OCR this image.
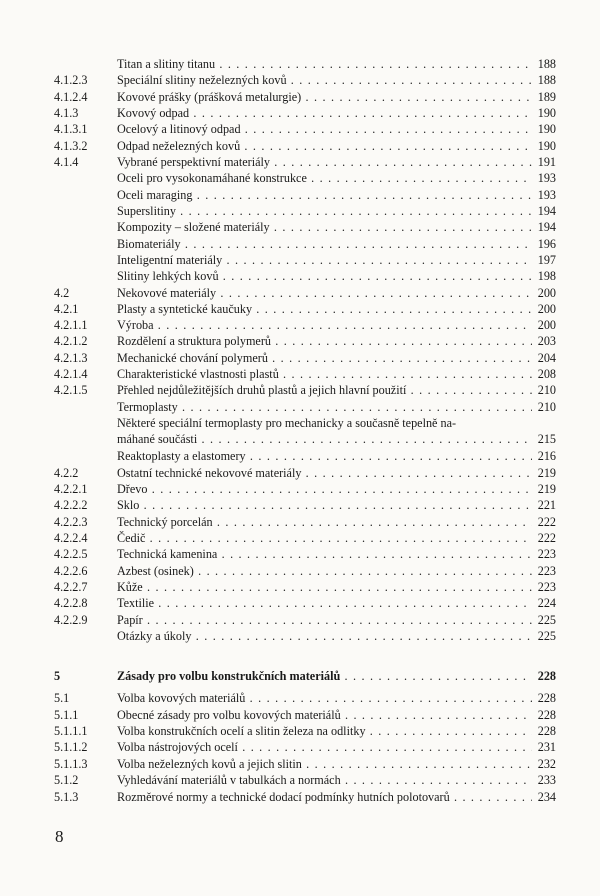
Titan a slitiny titanu . . .	188
4.1.2.3 Speciální slitiny neželezných kovů . . .	188
4.1.2.4 Kovové prášky (prášková metalurgie) . . .	189
4.1.3	Kovový odpad . . .	190
4.1.3.1 Ocelový a litinový odpad . . .	190
4.1.3.2 Odpad neželezných kovů . . .	190
4.1.4	Vybrané perspektivní materiály . . .	191
Oceli pro vysokonamáhané konstrukce . . .	193
Oceli maraging . . .	193
Superslitiny . . .	194
Kompozity – složené materiály . . .	194
Biomateriály . . .	196
Inteligentní materiály . . .	197
Slitiny lehkých kovů . . .	198
4.2	Nekovové materiály . . .	200
4.2.1	Plasty a syntetické kaučuky . . .	200
4.2.1.1 Výroba . . .	200
4.2.1.2 Rozdělení a struktura polymerů . . .	203
4.2.1.3 Mechanické chování polymerů . . .	204
4.2.1.4 Charakteristické vlastnosti plastů . . .	208
4.2.1.5 Přehled nejdůležitějších druhů plastů a jejich hlavní použití . . .	210
Termoplasty . . .	210
Některé speciální termoplasty pro mechanicky a současně tepelně na-
máhané součásti . . .	215
Reaktoplasty a elastomery . . .	216
4.2.2	Ostatní technické nekovové materiály . . .	219
4.2.2.1 Dřevo . . .	219
4.2.2.2 Sklo . . .	221
4.2.2.3 Technický porcelán . . .	222
4.2.2.4 Čedič . . .	222
4.2.2.5 Technická kamenina . . .	223
4.2.2.6 Azbest (osinek) . . .	223
4.2.2.7 Kůže . . .	223
4.2.2.8 Textilie . . .	224
4.2.2.9 Papír . . .	225
Otázky a úkoly . . .	225
5	Zásady pro volbu konstrukčních materiálů . . .	228
5.1	Volba kovových materiálů . . .	228
5.1.1	Obecné zásady pro volbu kovových materiálů . . .	228
5.1.1.1 Volba konstrukčních ocelí a slitin železa na odlitky . . .	228
5.1.1.2 Volba nástrojových ocelí . . .	231
5.1.1.3 Volba neželezných kovů a jejich slitin . . .	232
5.1.2	Vyhledávání materiálů v tabulkách a normách . . .	233
5.1.3	Rozměrové normy a technické dodací podmínky hutních polotovarů . . .	234
8
